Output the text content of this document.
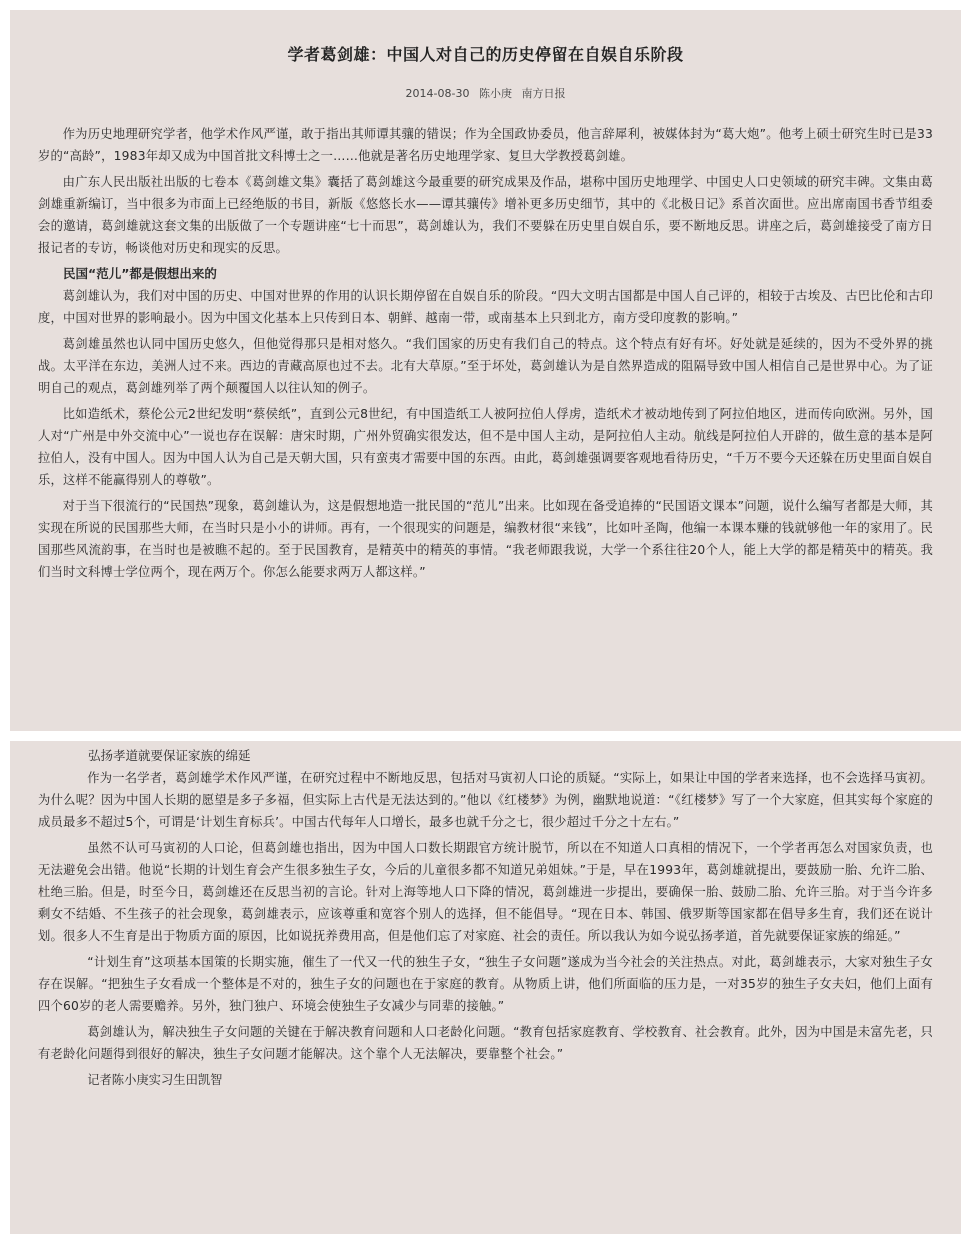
学者葛剑雄：中国人对自己的历史停留在自娱自乐阶段
2014-08-30 陈小庚 南方日报

作为历史地理研究学者，他学术作风严谨，敢于指出其师谭其骧的错误；作为全国政协委员，他言辞犀利，被媒体封为“葛大炮”。他考上硕士研究生时已是33岁的“高龄”，1983年却又成为中国首批文科博士之一……他就是著名历史地理学家、复旦大学教授葛剑雄。

由广东人民出版社出版的七卷本《葛剑雄文集》囊括了葛剑雄这今最重要的研究成果及作品，堪称中国历史地理学、中国史人口史领域的研究丰碑。文集由葛剑雄重新编订，当中很多为市面上已经绝版的书目，新版《悠悠长水——谭其骧传》增补更多历史细节，其中的《北极日记》系首次面世。应出席南国书香节组委会的邀请，葛剑雄就这套文集的出版做了一个专题讲座“七十而思”，葛剑雄认为，我们不要躲在历史里自娱自乐，要不断地反思。讲座之后，葛剑雄接受了南方日报记者的专访，畅谈他对历史和现实的反思。

民国“范儿”都是假想出来的

葛剑雄认为，我们对中国的历史、中国对世界的作用的认识长期停留在自娱自乐的阶段。“四大文明古国都是中国人自己评的，相较于古埃及、古巴比伦和古印度，中国对世界的影响最小。因为中国文化基本上只传到日本、朝鲜、越南一带，或南基本上只到北方，南方受印度教的影响。”

葛剑雄虽然也认同中国历史悠久，但他觉得那只是相对悠久。“我们国家的历史有我们自己的特点。这个特点有好有坏。好处就是延续的，因为不受外界的挑战。太平洋在东边，美洲人过不来。西边的青藏高原也过不去。北有大草原。”至于坏处，葛剑雄认为是自然界造成的阻隔导致中国人相信自己是世界中心。为了证明自己的观点，葛剑雄列举了两个颠覆国人以往认知的例子。

比如造纸术，蔡伦公元2世纪发明“蔡侯纸”，直到公元8世纪，有中国造纸工人被阿拉伯人俘虏，造纸术才被动地传到了阿拉伯地区，进而传向欧洲。另外，国人对“广州是中外交流中心”一说也存在误解：唐宋时期，广州外贸确实很发达，但不是中国人主动，是阿拉伯人主动。航线是阿拉伯人开辟的，做生意的基本是阿拉伯人，没有中国人。因为中国人认为自己是天朝大国，只有蛮夷才需要中国的东西。由此，葛剑雄强调要客观地看待历史，“千万不要今天还躲在历史里面自娱自乐，这样不能赢得别人的尊敬”。

对于当下很流行的“民国热”现象，葛剑雄认为，这是假想地造一批民国的“范儿”出来。比如现在备受追捧的“民国语文课本”问题，说什么编写者都是大师，其实现在所说的民国那些大师，在当时只是小小的讲师。再有，一个很现实的问题是，编教材很“来钱”，比如叶圣陶，他编一本课本赚的钱就够他一年的家用了。民国那些风流韵事，在当时也是被瞧不起的。至于民国教育，是精英中的精英的事情。“我老师跟我说，大学一个系往往20个人，能上大学的都是精英中的精英。我们当时文科博士学位两个，现在两万个。你怎么能要求两万人都这样。”

弘扬孝道就要保证家族的绵延

作为一名学者，葛剑雄学术作风严谨，在研究过程中不断地反思，包括对马寅初人口论的质疑。“实际上，如果让中国的学者来选择，也不会选择马寅初。为什么呢？因为中国人长期的愿望是多子多福，但实际上古代是无法达到的。”他以《红楼梦》为例，幽默地说道：“《红楼梦》写了一个大家庭，但其实每个家庭的成员最多不超过5个，可谓是‘计划生育标兵’。中国古代每年人口增长，最多也就千分之七，很少超过千分之十左右。”

虽然不认可马寅初的人口论，但葛剑雄也指出，因为中国人口数长期跟官方统计脱节，所以在不知道人口真相的情况下，一个学者再怎么对国家负责，也无法避免会出错。他说“长期的计划生育会产生很多独生子女，今后的儿童很多都不知道兄弟姐妹。”于是，早在1993年，葛剑雄就提出，要鼓励一胎、允许二胎、杜绝三胎。但是，时至今日，葛剑雄还在反思当初的言论。针对上海等地人口下降的情况，葛剑雄进一步提出，要确保一胎、鼓励二胎、允许三胎。对于当今许多剩女不结婚、不生孩子的社会现象，葛剑雄表示，应该尊重和宽容个别人的选择，但不能倡导。“现在日本、韩国、俄罗斯等国家都在倡导多生育，我们还在说计划。很多人不生育是出于物质方面的原因，比如说抚养费用高，但是他们忘了对家庭、社会的责任。所以我认为如今说弘扬孝道，首先就要保证家族的绵延。”

“计划生育”这项基本国策的长期实施，催生了一代又一代的独生子女，“独生子女问题”遂成为当今社会的关注热点。对此，葛剑雄表示，大家对独生子女存在误解。“把独生子女看成一个整体是不对的，独生子女的问题也在于家庭的教育。从物质上讲，他们所面临的压力是，一对35岁的独生子女夫妇，他们上面有四个60岁的老人需要赡养。另外，独门独户、环境会使独生子女减少与同辈的接触。”

葛剑雄认为，解决独生子女问题的关键在于解决教育问题和人口老龄化问题。“教育包括家庭教育、学校教育、社会教育。此外，因为中国是未富先老，只有老龄化问题得到很好的解决，独生子女问题才能解决。这个靠个人无法解决，要靠整个社会。”

记者陈小庚实习生田凯智
